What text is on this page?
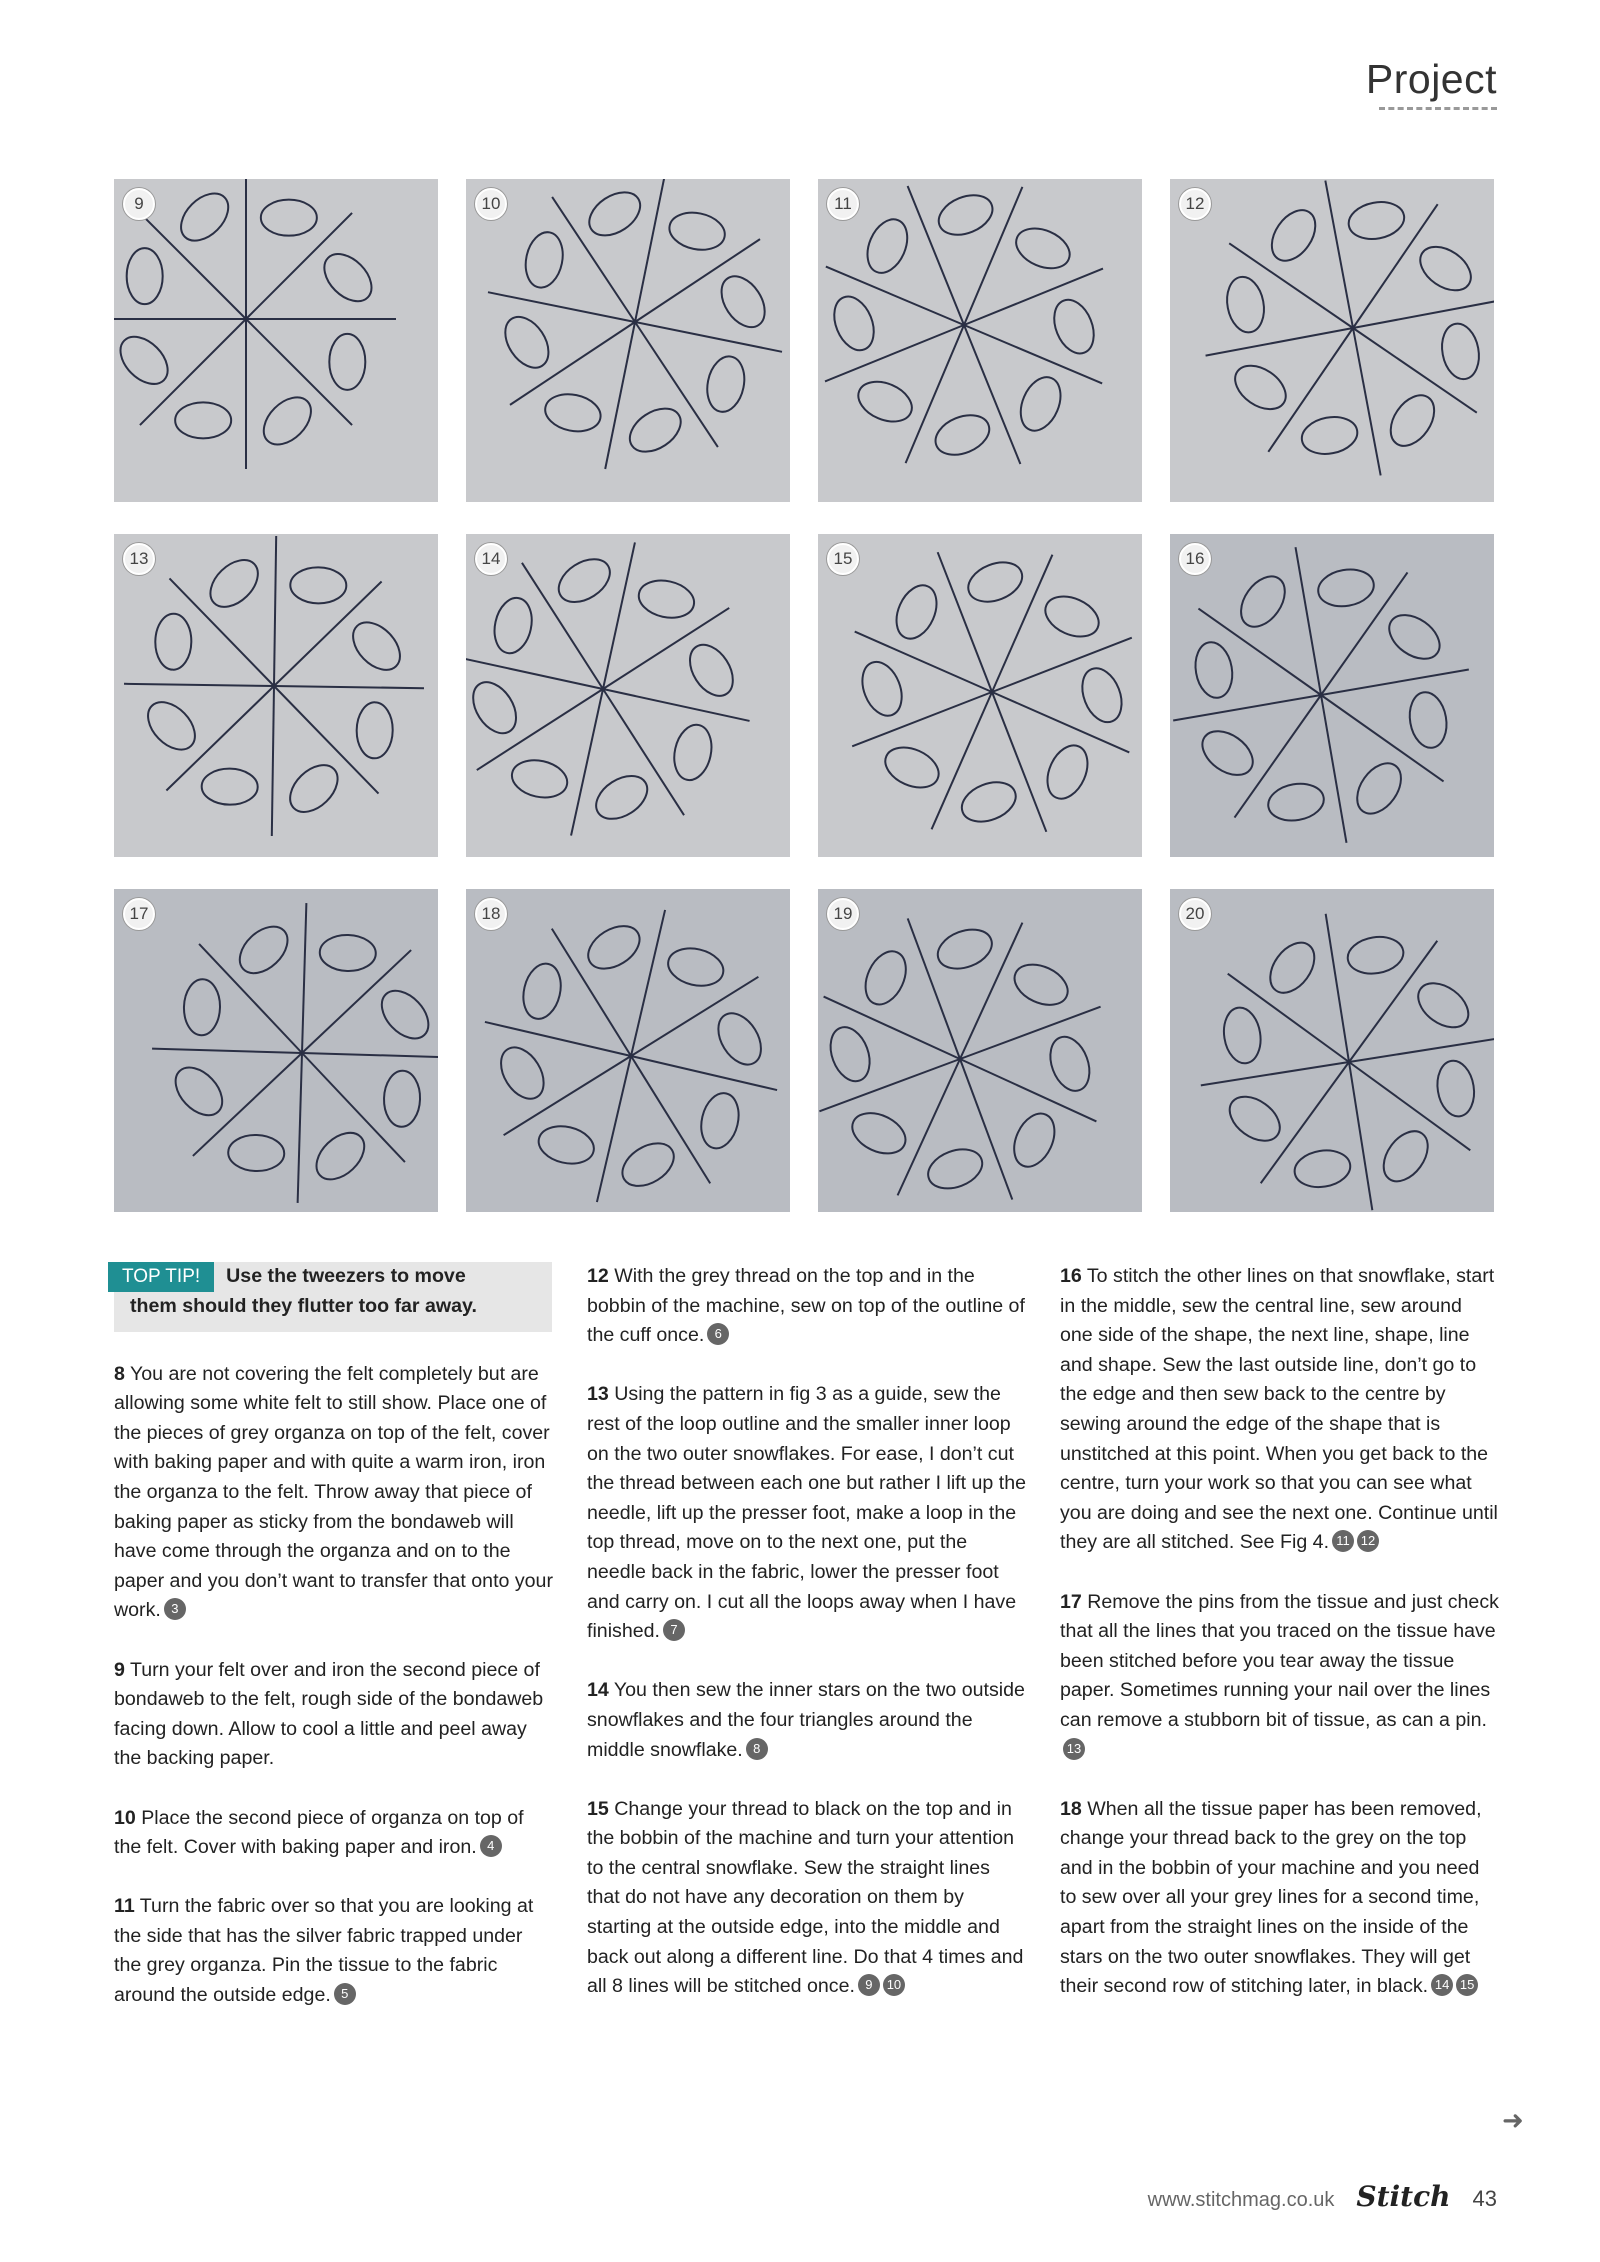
Project
9	10	11	12
13	14	15	16
17	18	19	20
TOP TIP! Use the tweezers to move
them should they flutter too far away.

8 You are not covering the felt completely but are allowing some white felt to still show. Place one of the pieces of grey organza on top of the felt, cover with baking paper and with quite a warm iron, iron the organza to the felt. Throw away that piece of baking paper as sticky from the bondaweb will have come through the organza and on to the paper and you don’t want to transfer that onto your work. 3

9 Turn your felt over and iron the second piece of bondaweb to the felt, rough side of the bondaweb facing down. Allow to cool a little and peel away the backing paper.

10 Place the second piece of organza on top of the felt. Cover with baking paper and iron. 4

11 Turn the fabric over so that you are looking at the side that has the silver fabric trapped under the grey organza. Pin the tissue to the fabric around the outside edge. 5

12 With the grey thread on the top and in the bobbin of the machine, sew on top of the outline of the cuff once. 6

13 Using the pattern in fig 3 as a guide, sew the rest of the loop outline and the smaller inner loop on the two outer snowflakes. For ease, I don’t cut the thread between each one but rather I lift up the needle, lift up the presser foot, make a loop in the top thread, move on to the next one, put the needle back in the fabric, lower the presser foot and carry on. I cut all the loops away when I have finished. 7

14 You then sew the inner stars on the two outside snowflakes and the four triangles around the middle snowflake. 8

15 Change your thread to black on the top and in the bobbin of the machine and turn your attention to the central snowflake. Sew the straight lines that do not have any decoration on them by starting at the outside edge, into the middle and back out along a different line. Do that 4 times and all 8 lines will be stitched once. 9 10

16 To stitch the other lines on that snowflake, start in the middle, sew the central line, sew around one side of the shape, the next line, shape, line and shape. Sew the last outside line, don’t go to the edge and then sew back to the centre by sewing around the edge of the shape that is unstitched at this point. When you get back to the centre, turn your work so that you can see what you are doing and see the next one. Continue until they are all stitched. See Fig 4. 11 12

17 Remove the pins from the tissue and just check that all the lines that you traced on the tissue have been stitched before you tear away the tissue paper. Sometimes running your nail over the lines can remove a stubborn bit of tissue, as can a pin.13

18 When all the tissue paper has been removed, change your thread back to the grey on the top and in the bobbin of your machine and you need to sew over all your grey lines for a second time, apart from the straight lines on the inside of the stars on the two outer snowflakes. They will get their second row of stitching later, in black. 14 15

➜
www.stitchmag.co.uk Stitch 43
